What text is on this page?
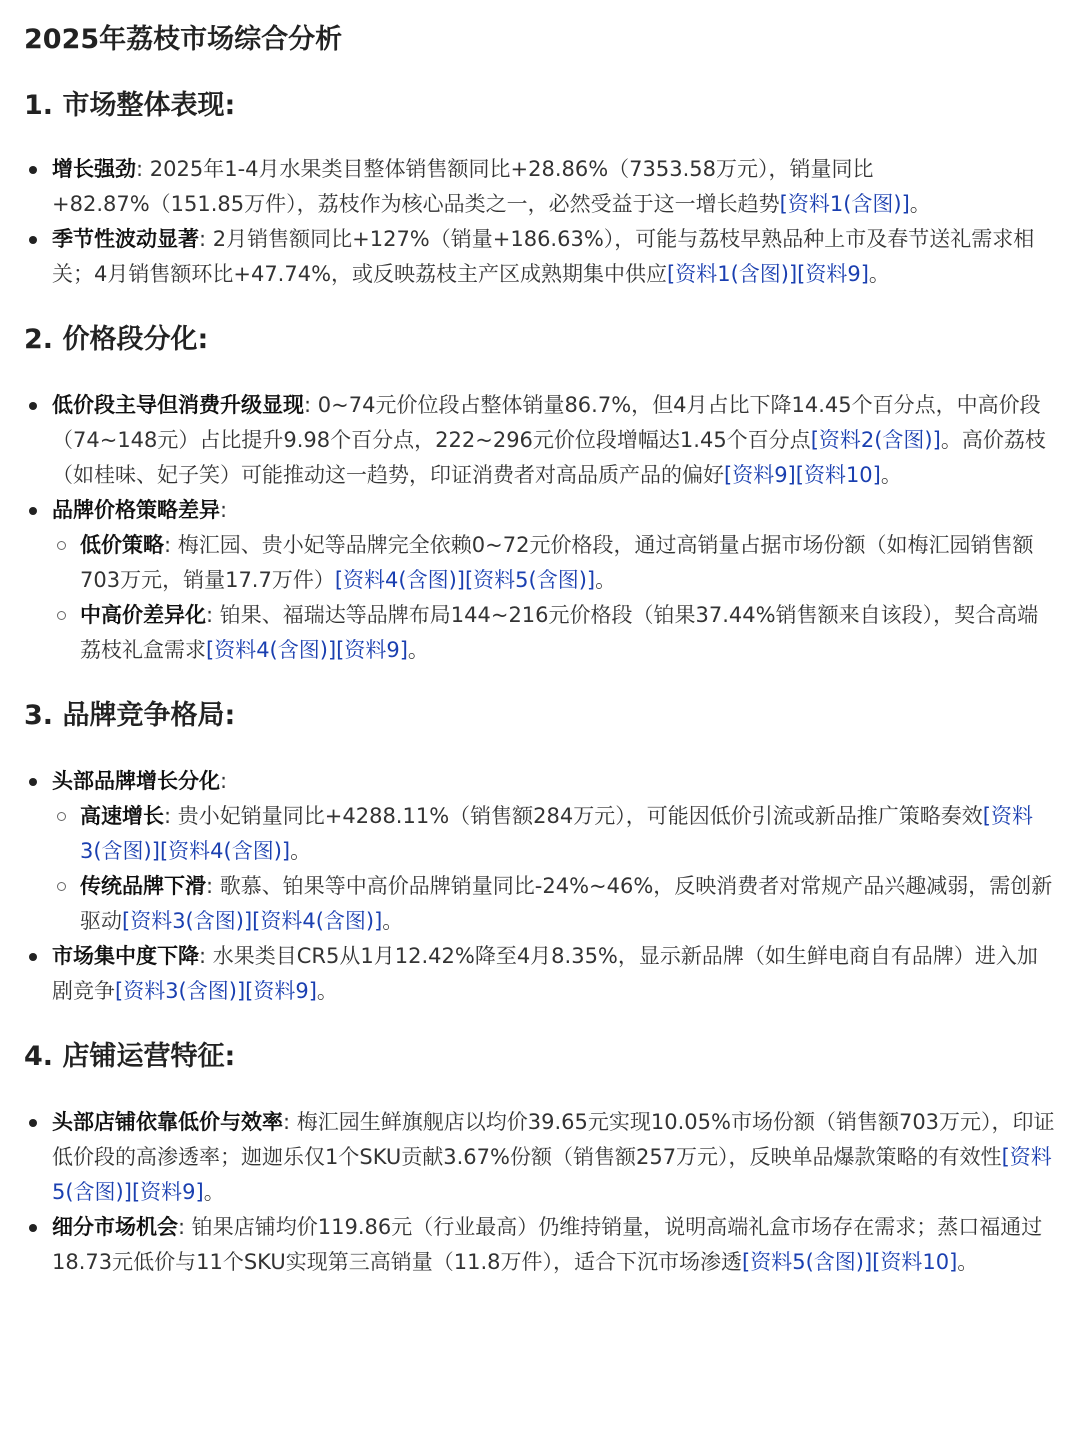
2025年荔枝市场综合分析
1. 市场整体表现:
增长强劲: 2025年1-4月水果类目整体销售额同比+28.86%（7353.58万元），销量同比+82.87%（151.85万件），荔枝作为核心品类之一，必然受益于这一增长趋势[资料1(含图)]。
季节性波动显著: 2月销售额同比+127%（销量+186.63%），可能与荔枝早熟品种上市及春节送礼需求相关；4月销售额环比+47.74%，或反映荔枝主产区成熟期集中供应[资料1(含图)][资料9]。
2. 价格段分化:
低价段主导但消费升级显现: 0~74元价位段占整体销量86.7%，但4月占比下降14.45个百分点，中高价段（74~148元）占比提升9.98个百分点，222~296元价位段增幅达1.45个百分点[资料2(含图)]。高价荔枝（如桂味、妃子笑）可能推动这一趋势，印证消费者对高品质产品的偏好[资料9][资料10]。
品牌价格策略差异:
低价策略: 梅汇园、贵小妃等品牌完全依赖0~72元价格段，通过高销量占据市场份额（如梅汇园销售额703万元，销量17.7万件）[资料4(含图)][资料5(含图)]。
中高价差异化: 铂果、福瑞达等品牌布局144~216元价格段（铂果37.44%销售额来自该段），契合高端荔枝礼盒需求[资料4(含图)][资料9]。
3. 品牌竞争格局:
头部品牌增长分化:
高速增长: 贵小妃销量同比+4288.11%（销售额284万元），可能因低价引流或新品推广策略奏效[资料3(含图)][资料4(含图)]。
传统品牌下滑: 歌慕、铂果等中高价品牌销量同比-24%~46%，反映消费者对常规产品兴趣减弱，需创新驱动[资料3(含图)][资料4(含图)]。
市场集中度下降: 水果类目CR5从1月12.42%降至4月8.35%，显示新品牌（如生鲜电商自有品牌）进入加剧竞争[资料3(含图)][资料9]。
4. 店铺运营特征:
头部店铺依靠低价与效率: 梅汇园生鲜旗舰店以均价39.65元实现10.05%市场份额（销售额703万元），印证低价段的高渗透率；迦迦乐仅1个SKU贡献3.67%份额（销售额257万元），反映单品爆款策略的有效性[资料5(含图)][资料9]。
细分市场机会: 铂果店铺均价119.86元（行业最高）仍维持销量，说明高端礼盒市场存在需求；蒸口福通过18.73元低价与11个SKU实现第三高销量（11.8万件），适合下沉市场渗透[资料5(含图)][资料10]。
